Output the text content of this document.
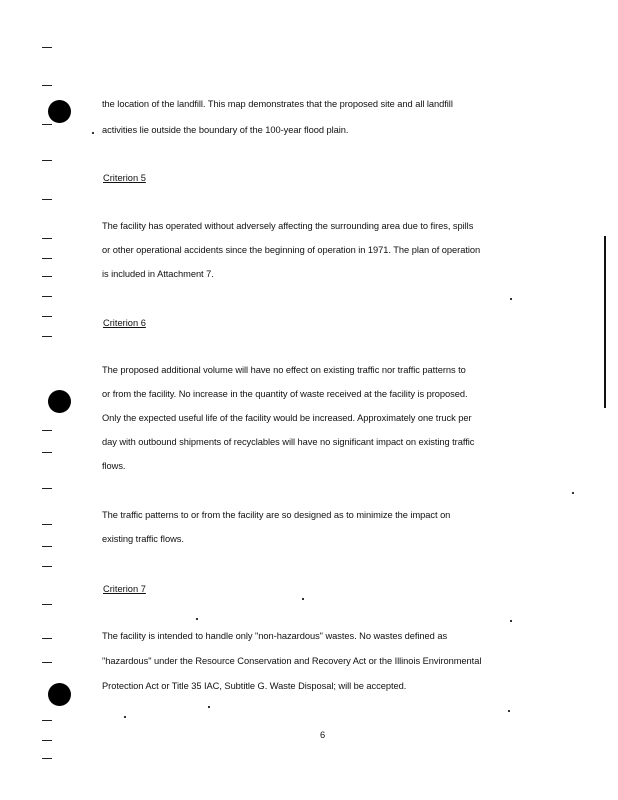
the location of the landfill. This map demonstrates that the proposed site and all landfill
activities lie outside the boundary of the 100-year flood plain.
Criterion 5
The facility has operated without adversely affecting the surrounding area due to fires, spills
or other operational accidents since the beginning of operation in 1971. The plan of operation
is included in Attachment 7.
Criterion 6
The proposed additional volume will have no effect on existing traffic nor traffic patterns to
or from the facility. No increase in the quantity of waste received at the facility is proposed.
Only the expected useful life of the facility would be increased. Approximately one truck per
day with outbound shipments of recyclables will have no significant impact on existing traffic
flows.
The traffic patterns to or from the facility are so designed as to minimize the impact on
existing traffic flows.
Criterion 7
The facility is intended to handle only "non-hazardous" wastes. No wastes defined as
"hazardous" under the Resource Conservation and Recovery Act or the Illinois Environmental
Protection Act or Title 35 IAC, Subtitle G. Waste Disposal; will be accepted.
6
